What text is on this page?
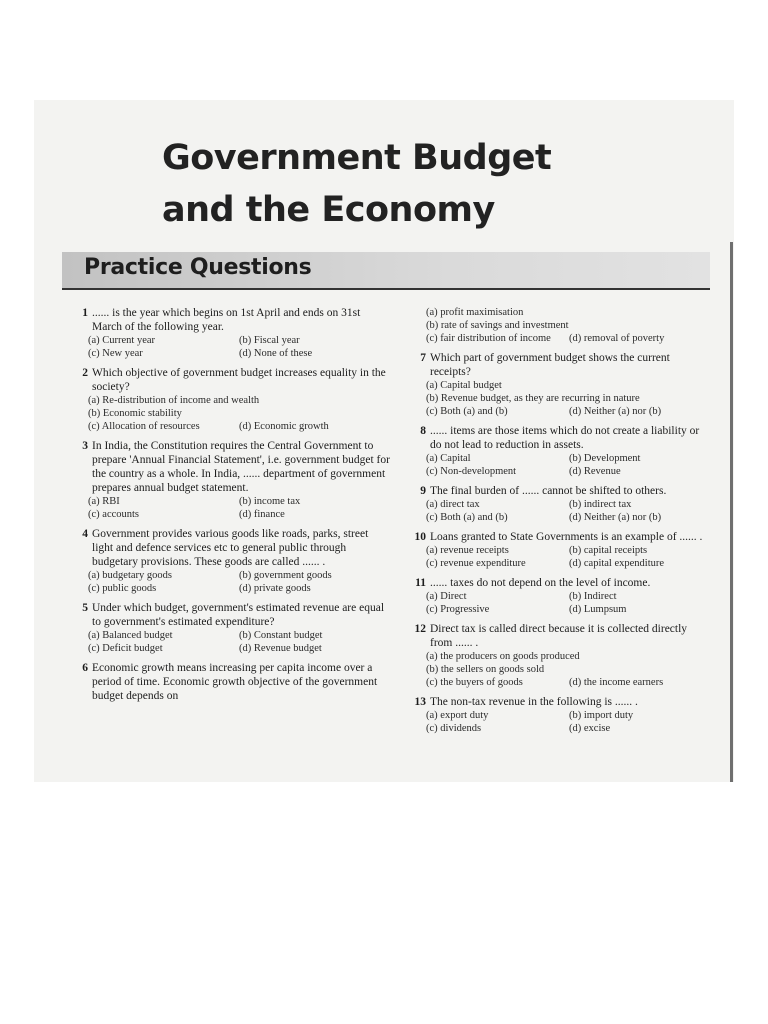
Government Budget
and the Economy
Practice Questions
1 ...... is the year which begins on 1st April and ends on 31st March of the following year.
(a) Current year	(b) Fiscal year
(c) New year	(d) None of these
2 Which objective of government budget increases equality in the society?
(a) Re-distribution of income and wealth
(b) Economic stability
(c) Allocation of resources	(d) Economic growth
3 In India, the Constitution requires the Central Government to prepare 'Annual Financial Statement', i.e. government budget for the country as a whole. In India, ...... department of government prepares annual budget statement.
(a) RBI	(b) income tax
(c) accounts	(d) finance
4 Government provides various goods like roads, parks, street light and defence services etc to general public through budgetary provisions. These goods are called ...... .
(a) budgetary goods	(b) government goods
(c) public goods	(d) private goods
5 Under which budget, government's estimated revenue are equal to government's estimated expenditure?
(a) Balanced budget	(b) Constant budget
(c) Deficit budget	(d) Revenue budget
6 Economic growth means increasing per capita income over a period of time. Economic growth objective of the government budget depends on
(a) profit maximisation
(b) rate of savings and investment
(c) fair distribution of income	(d) removal of poverty
7 Which part of government budget shows the current receipts?
(a) Capital budget
(b) Revenue budget, as they are recurring in nature
(c) Both (a) and (b)	(d) Neither (a) nor (b)
8 ...... items are those items which do not create a liability or do not lead to reduction in assets.
(a) Capital	(b) Development
(c) Non-development	(d) Revenue
9 The final burden of ...... cannot be shifted to others.
(a) direct tax	(b) indirect tax
(c) Both (a) and (b)	(d) Neither (a) nor (b)
10 Loans granted to State Governments is an example of ...... .
(a) revenue receipts	(b) capital receipts
(c) revenue expenditure	(d) capital expenditure
11 ...... taxes do not depend on the level of income.
(a) Direct	(b) Indirect
(c) Progressive	(d) Lumpsum
12 Direct tax is called direct because it is collected directly from ...... .
(a) the producers on goods produced
(b) the sellers on goods sold
(c) the buyers of goods	(d) the income earners
13 The non-tax revenue in the following is ...... .
(a) export duty	(b) import duty
(c) dividends	(d) excise
